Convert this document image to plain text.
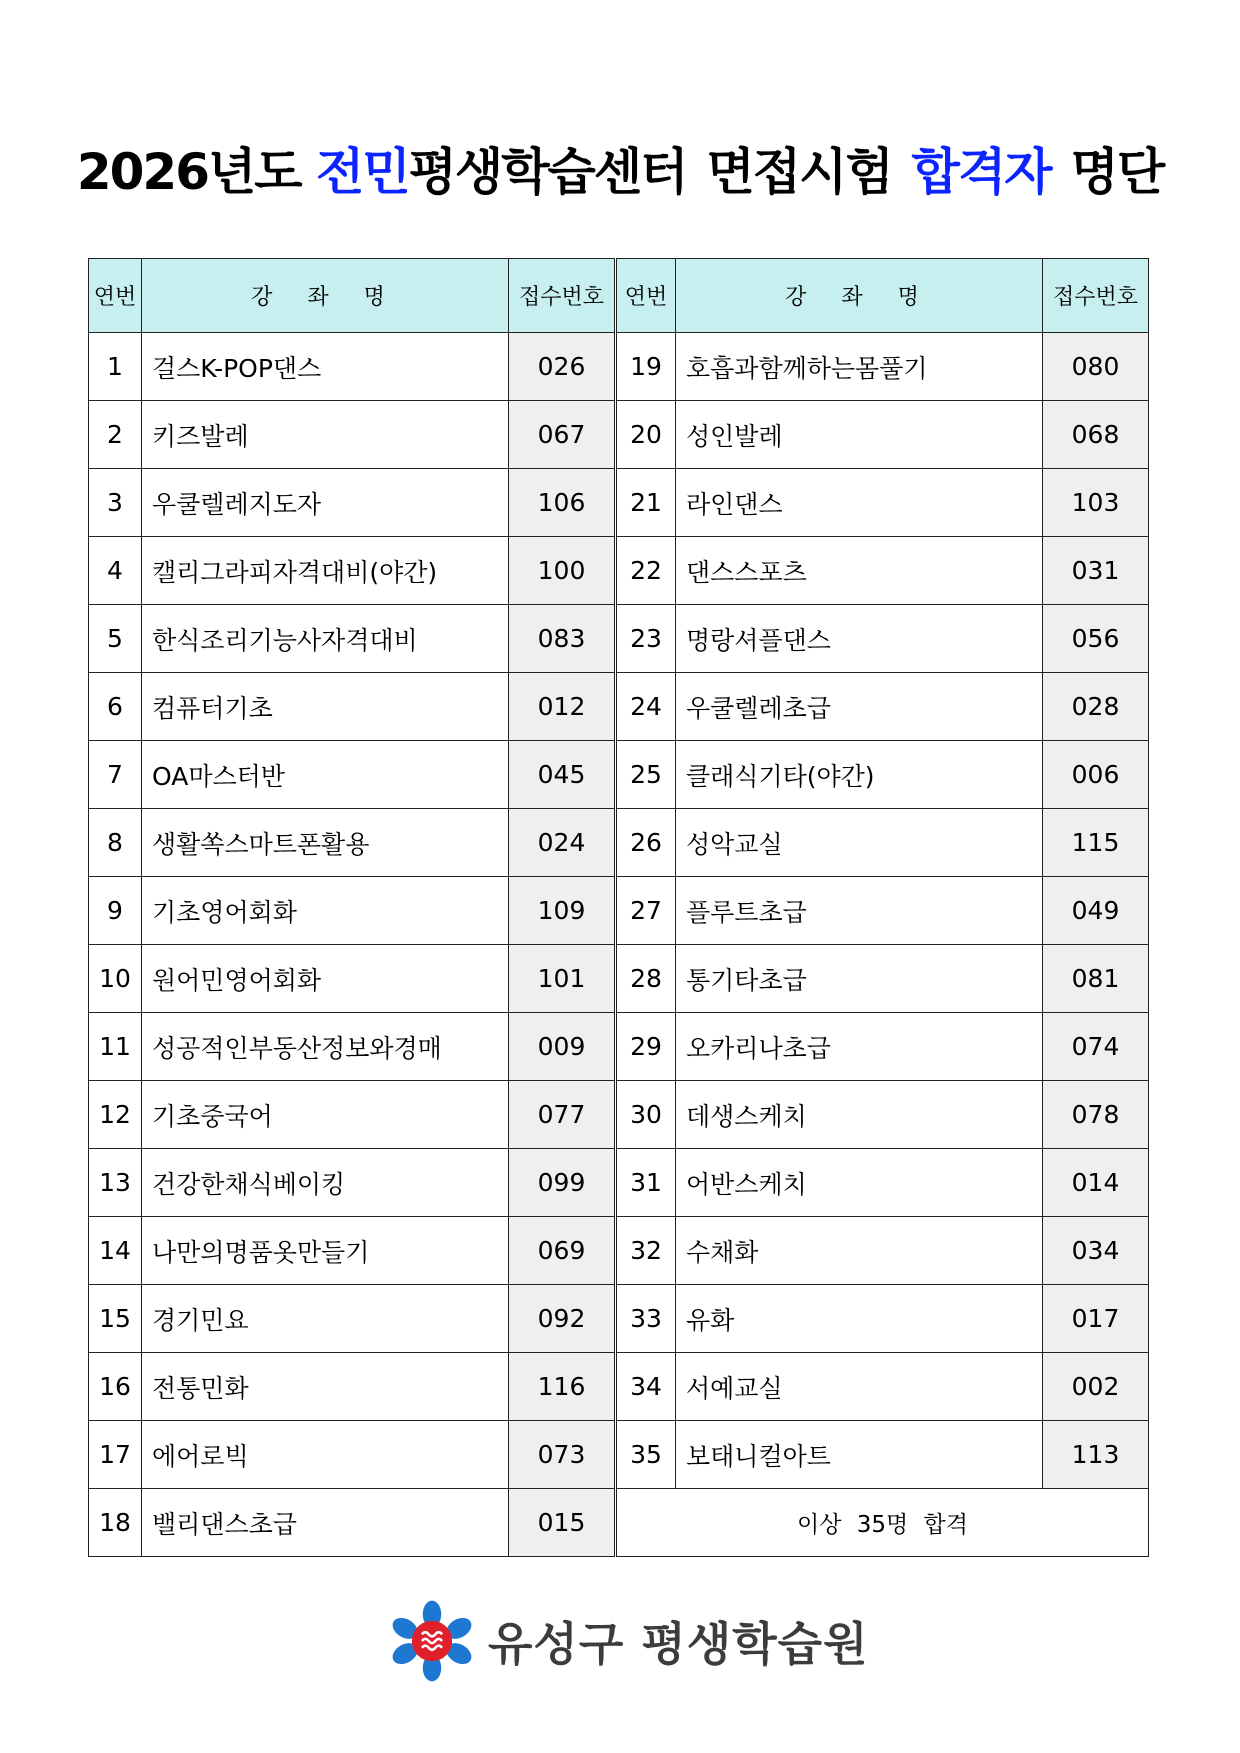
2026년도 전민평생학습센터 면접시험 합격자 명단
연번	강 좌 명	접수번호
1	걸스K-POP댄스	026
2	키즈발레	067
3	우쿨렐레지도자	106
4	캘리그라피자격대비(야간)	100
5	한식조리기능사자격대비	083
6	컴퓨터기초	012
7	OA마스터반	045
8	생활쏙스마트폰활용	024
9	기초영어회화	109
10	원어민영어회화	101
11	성공적인부동산정보와경매	009
12	기초중국어	077
13	건강한채식베이킹	099
14	나만의명품옷만들기	069
15	경기민요	092
16	전통민화	116
17	에어로빅	073
18	밸리댄스초급	015
연번	강 좌 명	접수번호
19	호흡과함께하는몸풀기	080
20	성인발레	068
21	라인댄스	103
22	댄스스포츠	031
23	명랑셔플댄스	056
24	우쿨렐레초급	028
25	클래식기타(야간)	006
26	성악교실	115
27	플루트초급	049
28	통기타초급	081
29	오카리나초급	074
30	데생스케치	078
31	어반스케치	014
32	수채화	034
33	유화	017
34	서예교실	002
35	보태니컬아트	113
이상 35명 합격		
유성구 평생학습원
